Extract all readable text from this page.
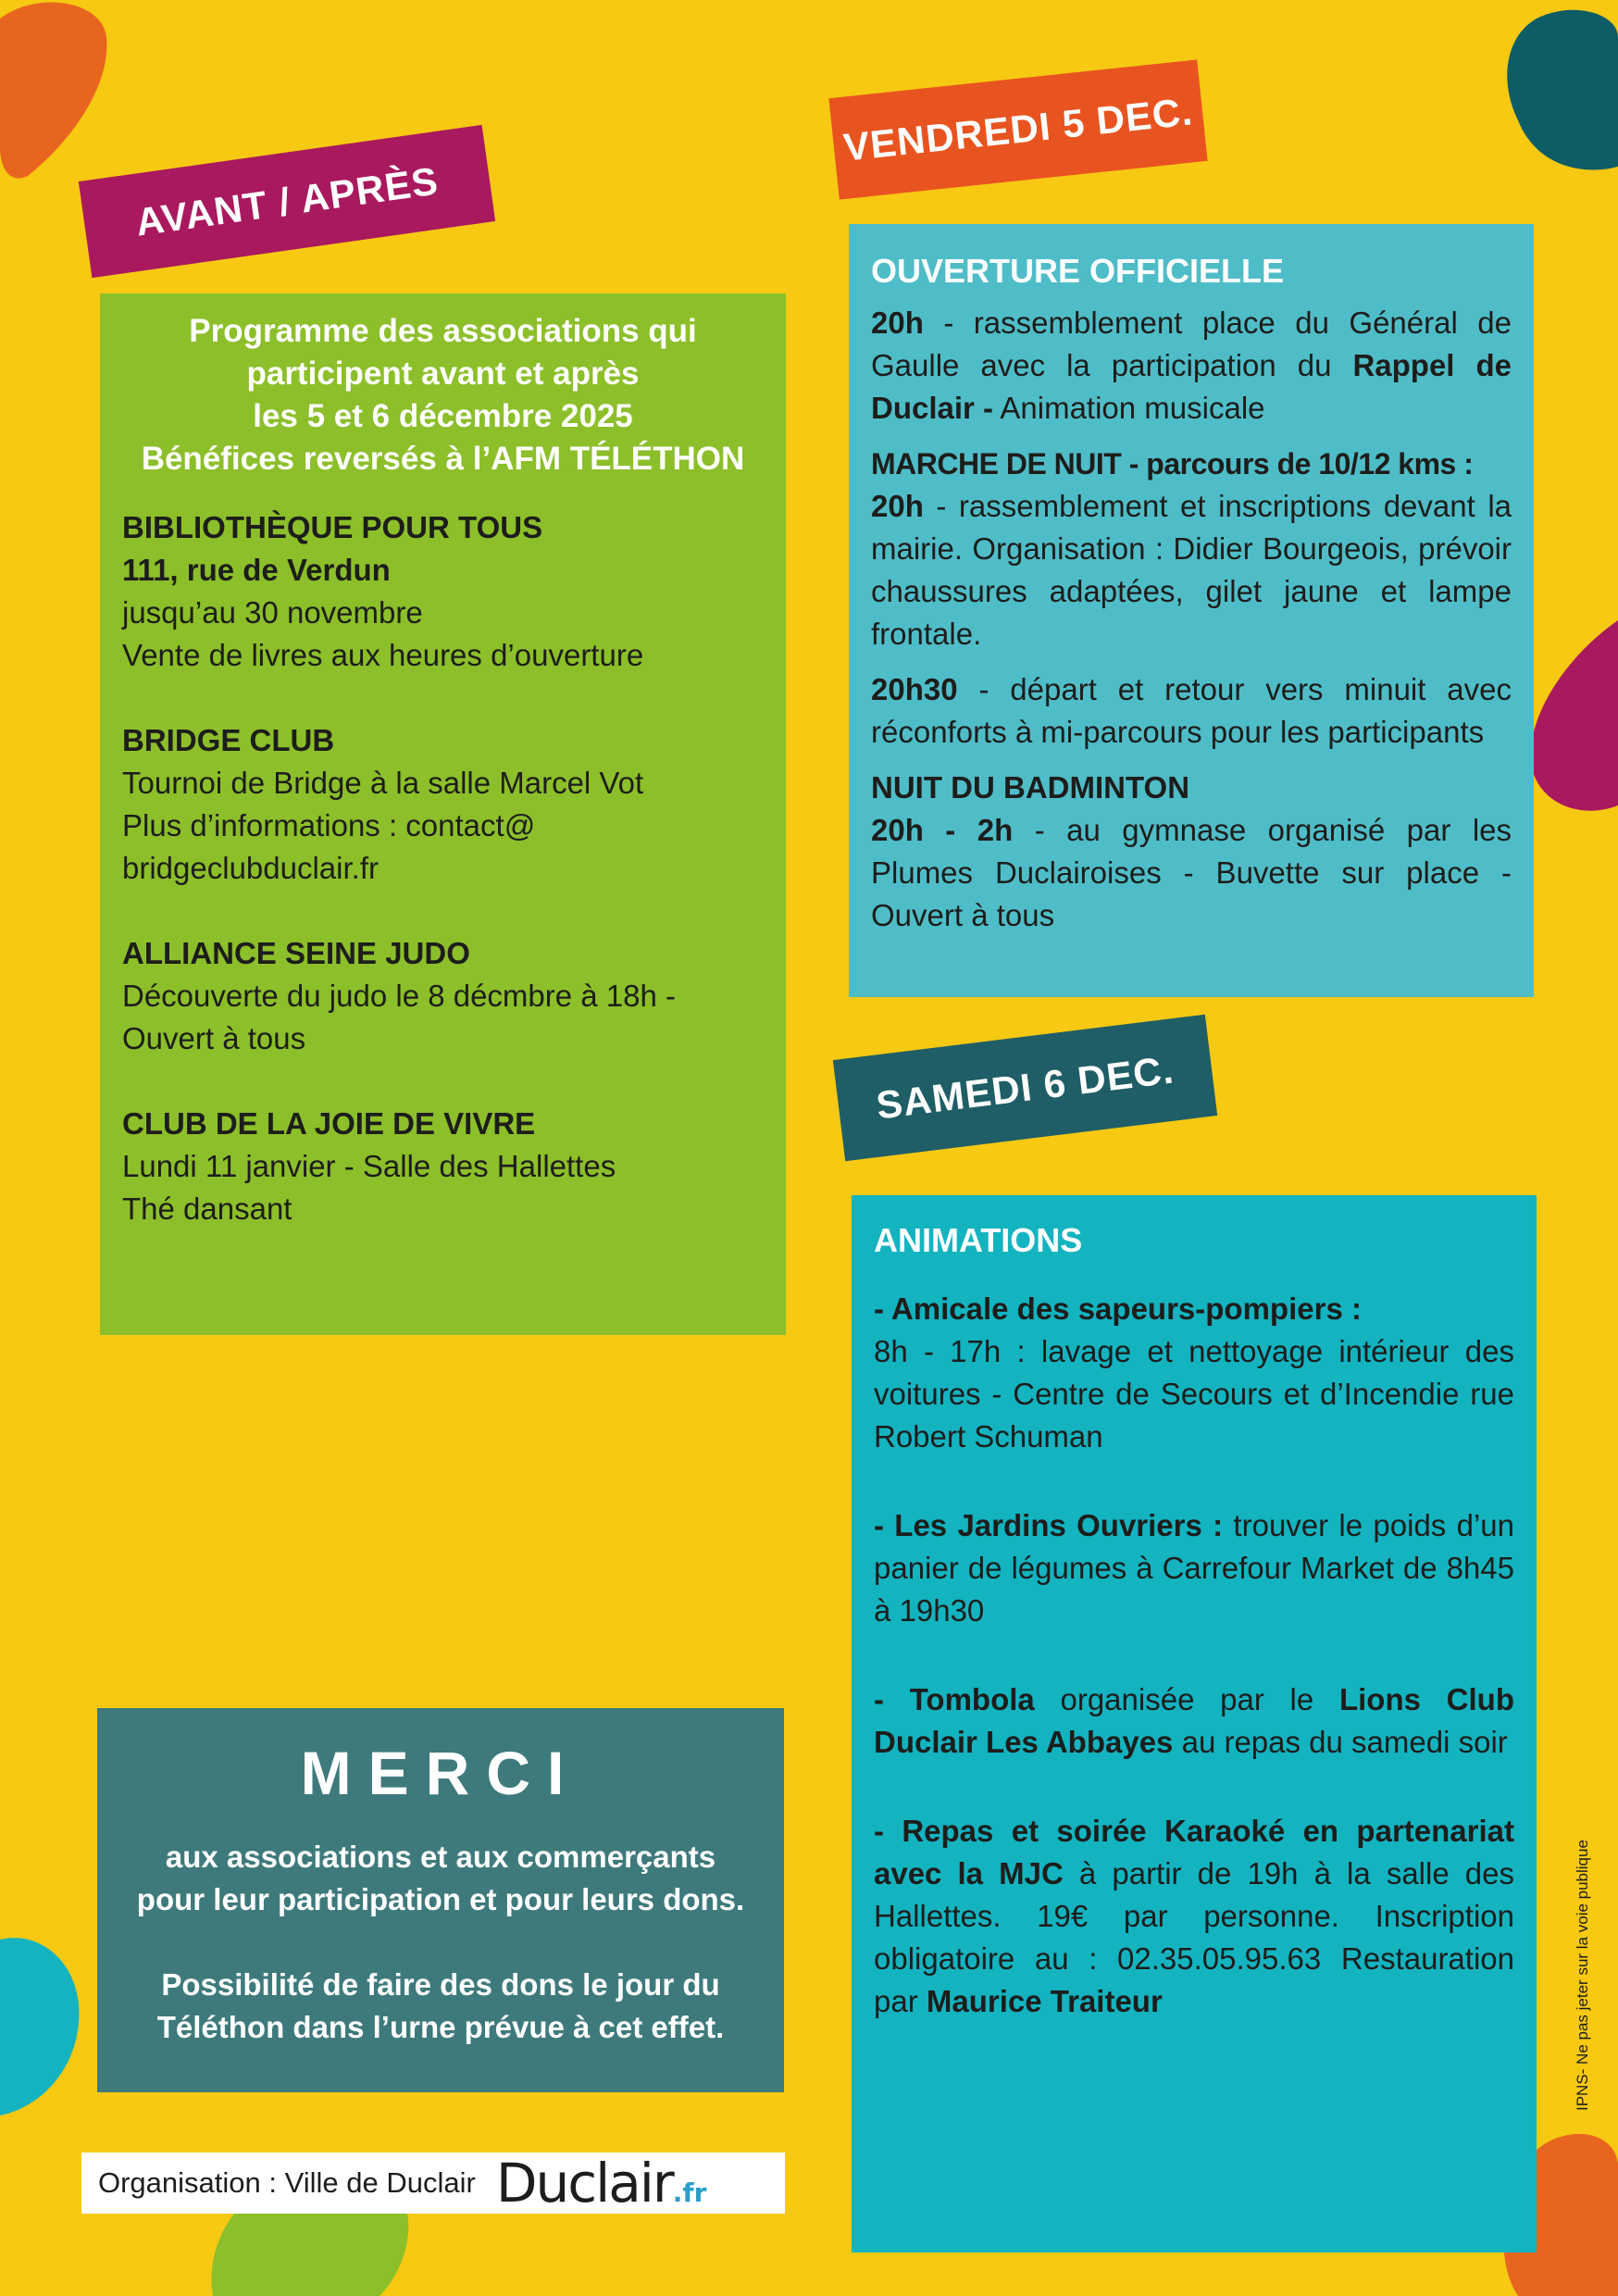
AVANT / APRÈS
VENDREDI 5 DEC.
SAMEDI 6 DEC.
Programme des associations qui
participent avant et après
les 5 et 6 décembre 2025
Bénéfices reversés à l’AFM TÉLÉTHON
BIBLIOTHÈQUE POUR TOUS
111, rue de Verdun
jusqu’au 30 novembre
Vente de livres aux heures d’ouverture
BRIDGE CLUB
Tournoi de Bridge à la salle Marcel Vot
Plus d’informations : contact@
bridgeclubduclair.fr
ALLIANCE SEINE JUDO
Découverte du judo le 8 décmbre à 18h -
Ouvert à tous
CLUB DE LA JOIE DE VIVRE
Lundi 11 janvier - Salle des Hallettes
Thé dansant
OUVERTURE OFFICIELLE
20h - rassemblement place du Général de Gaulle avec la participation du Rappel de Duclair - Animation musicale
MARCHE DE NUIT - parcours de 10/12 kms :
20h - rassemblement et inscriptions devant la mairie. Organisation : Didier Bourgeois, prévoir chaussures adaptées, gilet jaune et lampe frontale.
20h30 - départ et retour vers minuit avec réconforts à mi-parcours pour les participants
NUIT DU BADMINTON
20h - 2h - au gymnase organisé par les Plumes Duclairoises - Buvette sur place - Ouvert à tous
ANIMATIONS
- Amicale des sapeurs-pompiers :
8h - 17h : lavage et nettoyage intérieur des voitures - Centre de Secours et d’Incendie rue Robert Schuman
- Les Jardins Ouvriers : trouver le poids d’un panier de légumes à Carrefour Market de 8h45 à 19h30
- Tombola organisée par le Lions Club Duclair Les Abbayes au repas du samedi soir
- Repas et soirée Karaoké en partenariat avec la MJC à partir de 19h à la salle des Hallettes. 19€ par personne. Inscription obligatoire au : 02.35.05.95.63 Restauration par Maurice Traiteur
MERCI
aux associations et aux commerçants
pour leur participation et pour leurs dons.
Possibilité de faire des dons le jour du
Téléthon dans l’urne prévue à cet effet.
Organisation : Ville de Duclair Duclair.fr
IPNS- Ne pas jeter sur la voie publique
